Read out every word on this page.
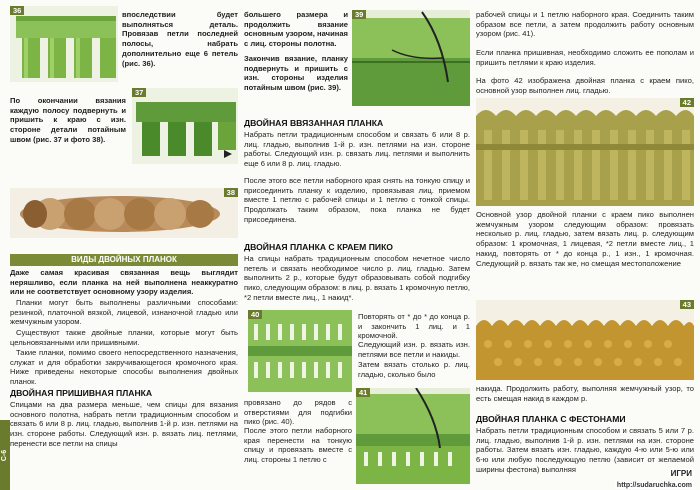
36	впоследствии будет выполняться деталь. Провязав петли последней полосы, набрать дополнительно еще 6 петель (рис. 36).
По окончании вязания каждую полосу подвернуть и пришить к краю с изн. стороне детали потайным швом (рис. 37 и фото 38).
37
38
ВИДЫ ДВОЙНЫХ ПЛАНОК
Даже самая красивая связанная вещь выглядит неряшливо, если планка на ней выполнена неаккуратно или не соответствует основному узору изделия.
Планки могут быть выполнены различными способами: резинкой, платочной вязкой, лицевой, изнаночной гладью или жемчужным узором.
Существуют также двойные планки, которые могут быть цельновязанными или пришивными.
Такие планки, помимо своего непосредственного назначения, служат и для обработки закручивающегося кромочного края. Ниже приведены некоторые способы выполнения двойных планок.
ДВОЙНАЯ ПРИШИВНАЯ ПЛАНКА
Спицами на два размера меньше, чем спицы для вязания основного полотна, набрать петли традиционным способом и связать 6 или 8 р. лиц. гладью, выполнив 1-й р. изн. петлями на изн. стороне работы. Следующий изн. р. вязать лиц. петлями, перенести все петли на спицы
большего размера и продолжить вязание основным узором, начиная с лиц. стороны полотна.
Закончив вязание, планку подвернуть и пришить с изн. стороны изделия потайным швом (рис. 39).
39
ДВОЙНАЯ ВВЯЗАННАЯ ПЛАНКА
Набрать петли традиционным способом и связать 6 или 8 р. лиц. гладью, выполнив 1-й р. изн. петлями на изн. стороне работы. Следующий изн. р. связать лиц. петлями и выполнить еще 6 или 8 р. лиц. гладью.
После этого все петли наборного края снять на тонкую спицу и присоединить планку к изделию, провязывая лиц. приемом вместе 1 петлю с рабочей спицы и 1 петлю с тонкой спицы. Продолжать таким образом, пока планка не будет присоединена.
ДВОЙНАЯ ПЛАНКА С КРАЕМ ПИКО
На спицы набрать традиционным способом нечетное число петель и связать необходимое число р. лиц. гладью. Затем выполнить 2 р., которые будут образовывать собой подгибку пико, следующим образом: в лиц. р. вязать 1 кромочную петлю, *2 петли вместе лиц., 1 накид*.
40	Повторять от * до * до конца р. и закончить 1 лиц. и 1 кромочной.
Следующий изн. р. вязать изн. петлями все петли и накиды.
Затем вязать столько р. лиц. гладью, сколько было
провязано до рядов с отверстиями для подгибки пико (рис. 40).
После этого петли наборного края перенести на тонкую спицу и провязать вместе с лиц. стороны 1 петлю с
41
рабочей спицы и 1 петлю наборного края. Соединить таким образом все петли, а затем продолжить работу основным узором (рис. 41).
Если планка пришивная, необходимо сложить ее пополам и пришить петлями к краю изделия.
На фото 42 изображена двойная планка с краем пико, основной узор выполнен лиц. гладью.
42
Основной узор двойной планки с краем пико выполнен жемчужным узором следующим образом: провязать несколько р. лиц. гладью, затем вязать лиц. р. следующим образом: 1 кромочная, 1 лицевая, *2 петли вместе лиц., 1 накид, повторять от * до конца р., 1 изн., 1 кромочная. Следующий р. вязать так же, но смещая местоположение
43
накида. Продолжить работу, выполняя жемчужный узор, то есть смещая накид в каждом р.
ДВОЙНАЯ ПЛАНКА С ФЕСТОНАМИ
Набрать петли традиционным способом и связать 5 или 7 р. лиц. гладью, выполнив 1-й р. изн. петлями на изн. стороне работы. Затем вязать изн. гладью, каждую 4-ю или 5-ю или 6-ю или любую последующую петлю (зависит от желаемой ширины фестона) выполняя
C-6
ИГРИ
http://sudaruchka.com
